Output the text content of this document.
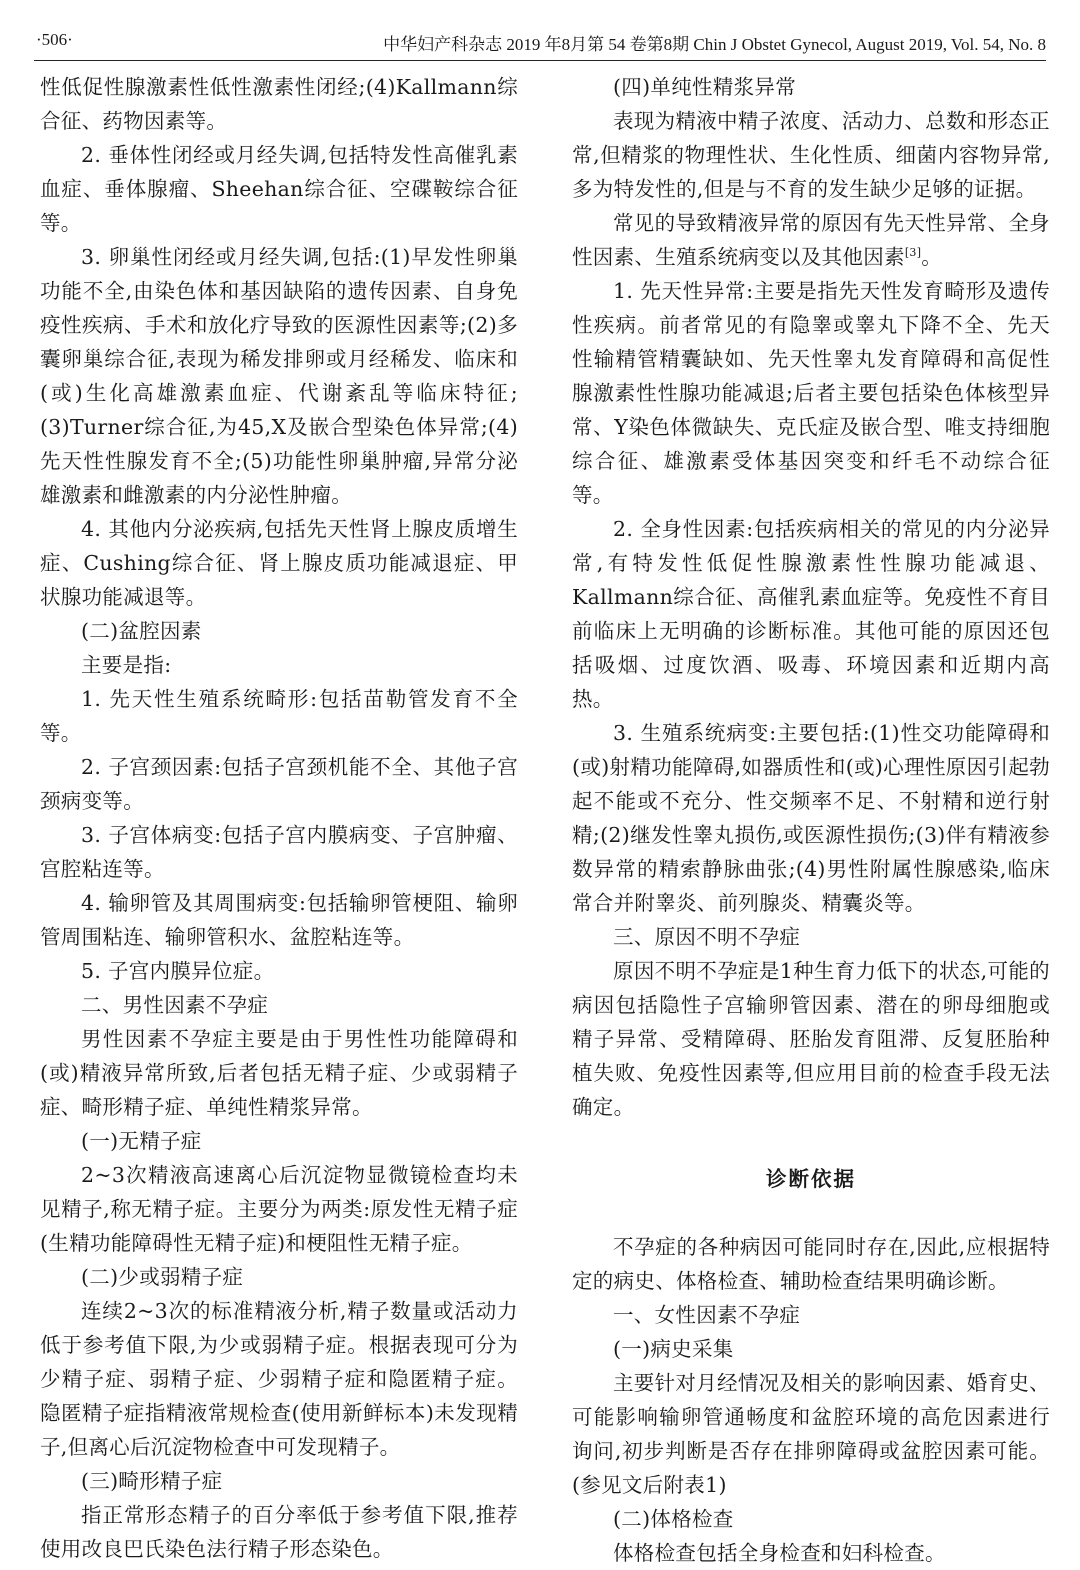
·506·	中华妇产科杂志 2019 年8月第 54 卷第8期 Chin J Obstet Gynecol, August 2019, Vol. 54, No. 8

性低促性腺激素性低性激素性闭经;(4)Kallmann综合征、药物因素等。

2. 垂体性闭经或月经失调,包括特发性高催乳素血症、垂体腺瘤、Sheehan综合征、空碟鞍综合征等。

3. 卵巢性闭经或月经失调,包括:(1)早发性卵巢功能不全,由染色体和基因缺陷的遗传因素、自身免疫性疾病、手术和放化疗导致的医源性因素等;(2)多囊卵巢综合征,表现为稀发排卵或月经稀发、临床和(或)生化高雄激素血症、代谢紊乱等临床特征;(3)Turner综合征,为45,X及嵌合型染色体异常;(4)先天性性腺发育不全;(5)功能性卵巢肿瘤,异常分泌雄激素和雌激素的内分泌性肿瘤。

4. 其他内分泌疾病,包括先天性肾上腺皮质增生症、Cushing综合征、肾上腺皮质功能减退症、甲状腺功能减退等。

(二)盆腔因素

主要是指:

1. 先天性生殖系统畸形:包括苗勒管发育不全等。

2. 子宫颈因素:包括子宫颈机能不全、其他子宫颈病变等。

3. 子宫体病变:包括子宫内膜病变、子宫肿瘤、宫腔粘连等。

4. 输卵管及其周围病变:包括输卵管梗阻、输卵管周围粘连、输卵管积水、盆腔粘连等。

5. 子宫内膜异位症。

二、男性因素不孕症

男性因素不孕症主要是由于男性性功能障碍和(或)精液异常所致,后者包括无精子症、少或弱精子症、畸形精子症、单纯性精浆异常。

(一)无精子症

2~3次精液高速离心后沉淀物显微镜检查均未见精子,称无精子症。主要分为两类:原发性无精子症(生精功能障碍性无精子症)和梗阻性无精子症。

(二)少或弱精子症

连续2~3次的标准精液分析,精子数量或活动力低于参考值下限,为少或弱精子症。根据表现可分为少精子症、弱精子症、少弱精子症和隐匿精子症。隐匿精子症指精液常规检查(使用新鲜标本)未发现精子,但离心后沉淀物检查中可发现精子。

(三)畸形精子症

指正常形态精子的百分率低于参考值下限,推荐使用改良巴氏染色法行精子形态染色。

(四)单纯性精浆异常

表现为精液中精子浓度、活动力、总数和形态正常,但精浆的物理性状、生化性质、细菌内容物异常,多为特发性的,但是与不育的发生缺少足够的证据。

常见的导致精液异常的原因有先天性异常、全身性因素、生殖系统病变以及其他因素[3]。

1. 先天性异常:主要是指先天性发育畸形及遗传性疾病。前者常见的有隐睾或睾丸下降不全、先天性输精管精囊缺如、先天性睾丸发育障碍和高促性腺激素性性腺功能减退;后者主要包括染色体核型异常、Y染色体微缺失、克氏症及嵌合型、唯支持细胞综合征、雄激素受体基因突变和纤毛不动综合征等。

2. 全身性因素:包括疾病相关的常见的内分泌异常,有特发性低促性腺激素性性腺功能减退、Kallmann综合征、高催乳素血症等。免疫性不育目前临床上无明确的诊断标准。其他可能的原因还包括吸烟、过度饮酒、吸毒、环境因素和近期内高热。

3. 生殖系统病变:主要包括:(1)性交功能障碍和(或)射精功能障碍,如器质性和(或)心理性原因引起勃起不能或不充分、性交频率不足、不射精和逆行射精;(2)继发性睾丸损伤,或医源性损伤;(3)伴有精液参数异常的精索静脉曲张;(4)男性附属性腺感染,临床常合并附睾炎、前列腺炎、精囊炎等。

三、原因不明不孕症

原因不明不孕症是1种生育力低下的状态,可能的病因包括隐性子宫输卵管因素、潜在的卵母细胞或精子异常、受精障碍、胚胎发育阻滞、反复胚胎种植失败、免疫性因素等,但应用目前的检查手段无法确定。

诊断依据

不孕症的各种病因可能同时存在,因此,应根据特定的病史、体格检查、辅助检查结果明确诊断。

一、女性因素不孕症

(一)病史采集

主要针对月经情况及相关的影响因素、婚育史、可能影响输卵管通畅度和盆腔环境的高危因素进行询问,初步判断是否存在排卵障碍或盆腔因素可能。(参见文后附表1)

(二)体格检查

体格检查包括全身检查和妇科检查。
